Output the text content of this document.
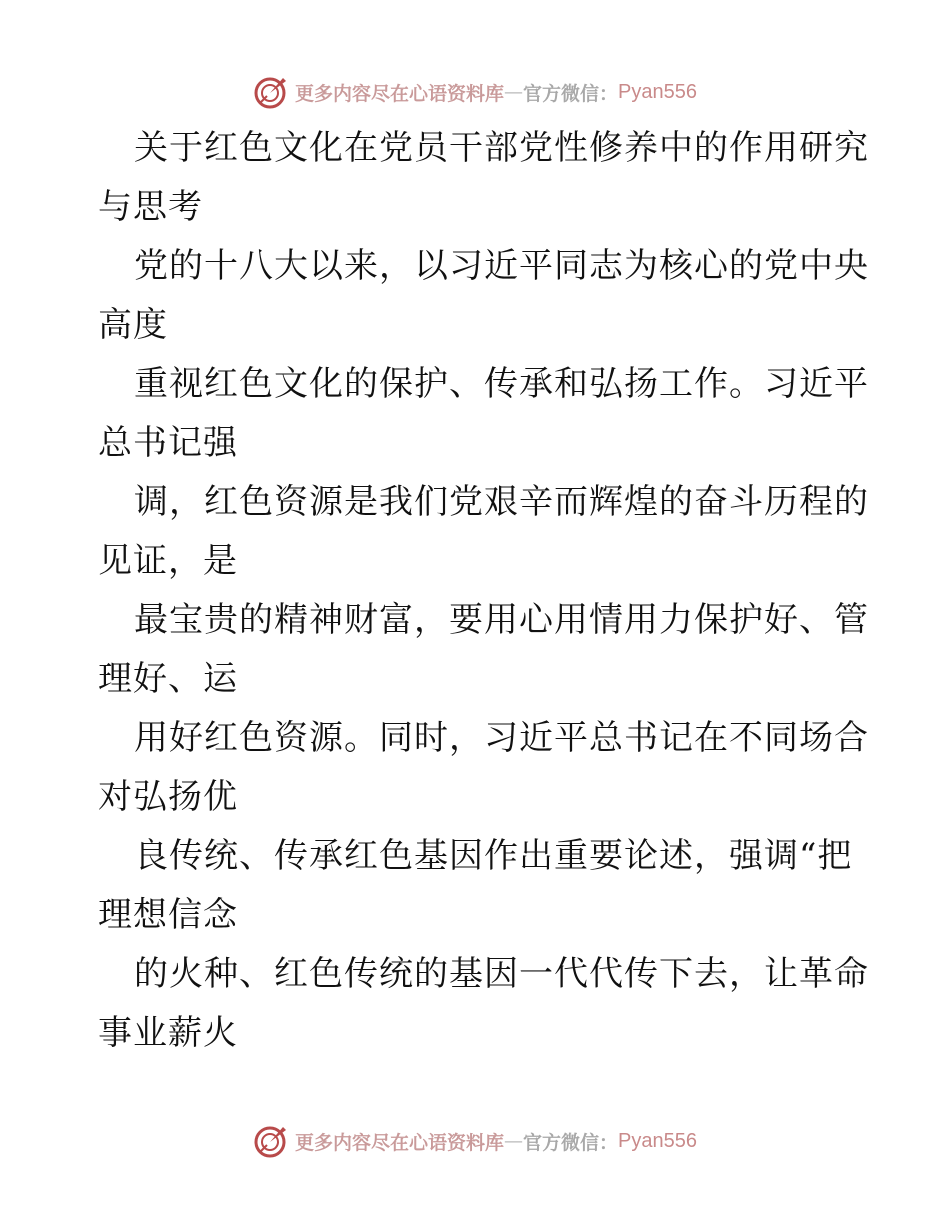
更多内容尽在心语资料库 — 官方微信： Pyan556
关于红色文化在党员干部党性修养中的作用研究
与思考
党的十八大以来，以习近平同志为核心的党中央
高度
重视红色文化的保护、传承和弘扬工作。习近平
总书记强
调，红色资源是我们党艰辛而辉煌的奋斗历程的
见证，是
最宝贵的精神财富，要用心用情用力保护好、管
理好、运
用好红色资源。同时，习近平总书记在不同场合
对弘扬优
良传统、传承红色基因作出重要论述，强调“把
理想信念
的火种、红色传统的基因一代代传下去，让革命
事业薪火
更多内容尽在心语资料库 — 官方微信： Pyan556
